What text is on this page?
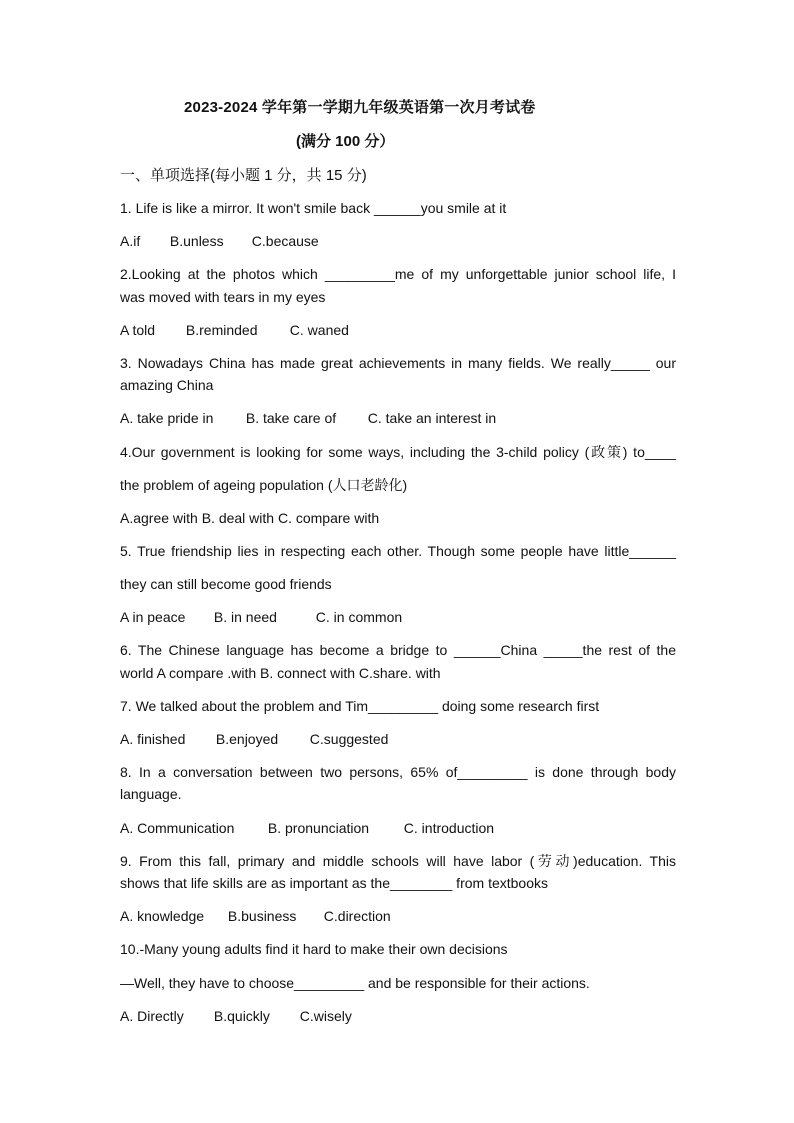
2023-2024 学年第一学期九年级英语第一次月考试卷
(满分 100 分）
一、单项选择(每小题 1 分，共 15 分)
1. Life is like a mirror. It won't smile back ______you smile at it
A.if B.unless C.because
2.Looking at the photos which _________me of my unforgettable junior school life, I
was moved with tears in my eyes
A told B.reminded C. waned
3. Nowadays China has made great achievements in many fields. We really_____ our
amazing China
A. take pride in B. take care of C. take an interest in
4.Our government is looking for some ways, including the 3-child policy (政策) to____
the problem of ageing population (人口老龄化)
A.agree with B. deal with C. compare with
5. True friendship lies in respecting each other. Though some people have little______
they can still become good friends
A in peace B. in need	C. in common
6. The Chinese language has become a bridge to ______China _____the rest of the
world A compare .with B. connect with C.share. with
7. We talked about the problem and Tim_________ doing some research first
A. finished B.enjoyed C.suggested
8. In a conversation between two persons, 65% of_________ is done through body
language.
A. Communication B. pronunciation C. introduction
9. From this fall, primary and middle schools will have labor (劳动)education. This
shows that life skills are as important as the________ from textbooks
A. knowledge B.business C.direction
10.-Many young adults find it hard to make their own decisions
—Well, they have to choose_________ and be responsible for their actions.
A. Directly B.quickly C.wisely
